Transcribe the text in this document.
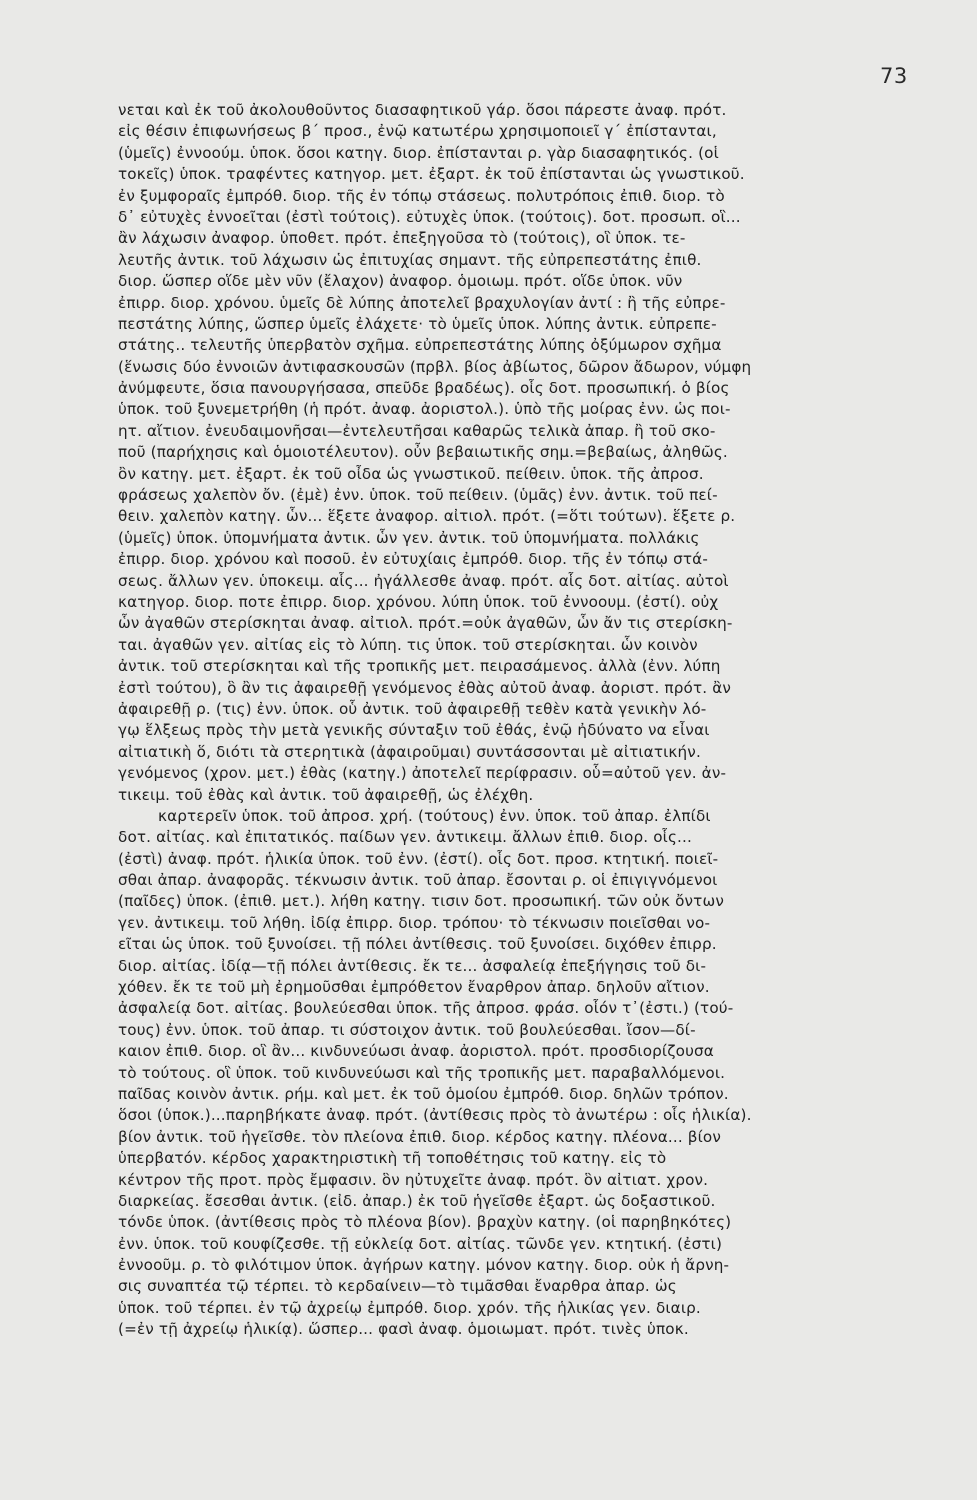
73
νεται καὶ ἐκ τοῦ ἀκολουθοῦντος διασαφητικοῦ γάρ. ὅσοι πάρεστε ἀναφ. πρότ.
εἰς θέσιν ἐπιφωνήσεως β΄ προσ., ἐνῷ κατωτέρω χρησιμοποιεῖ γ΄ ἐπίστανται,
(ὑμεῖς) ἐννοούμ. ὑποκ. ὅσοι κατηγ. διορ. ἐπίστανται ρ. γὰρ διασαφητικός. (οἱ
τοκεῖς) ὑποκ. τραφέντες κατηγορ. μετ. ἐξαρτ. ἐκ τοῦ ἐπίστανται ὡς γνωστικοῦ.
ἐν ξυμφοραῖς ἐμπρόθ. διορ. τῆς ἐν τόπῳ στάσεως. πολυτρόποις ἐπιθ. διορ. τὸ
δ᾽ εὐτυχὲς ἐννοεῖται (ἐστὶ τούτοις). εὐτυχὲς ὑποκ. (τούτοις). δοτ. προσωπ. οἳ...
ἂν λάχωσιν ἀναφορ. ὑποθετ. πρότ. ἐπεξηγοῦσα τὸ (τούτοις), οἳ ὑποκ. τε-
λευτῆς ἀντικ. τοῦ λάχωσιν ὡς ἐπιτυχίας σημαντ. τῆς εὐπρεπεστάτης ἐπιθ.
διορ. ὥσπερ οἵδε μὲν νῦν (ἔλαχον) ἀναφορ. ὁμοιωμ. πρότ. οἵδε ὑποκ. νῦν
ἐπιρρ. διορ. χρόνου. ὑμεῖς δὲ λύπης ἀποτελεῖ βραχυλογίαν ἀντί : ἢ τῆς εὐπρε-
πεστάτης λύπης, ὥσπερ ὑμεῖς ἐλάχετε· τὸ ὑμεῖς ὑποκ. λύπης ἀντικ. εὐπρεπε-
στάτης.. τελευτῆς ὑπερβατὸν σχῆμα. εὐπρεπεστάτης λύπης ὀξύμωρον σχῆμα
(ἕνωσις δύο ἐννοιῶν ἀντιφασκουσῶν (πρβλ. βίος ἀβίωτος, δῶρον ἄδωρον, νύμφη
ἀνύμφευτε, ὅσια πανουργήσασα, σπεῦδε βραδέως). οἷς δοτ. προσωπική. ὁ βίος
ὑποκ. τοῦ ξυνεμετρήθη (ἡ πρότ. ἀναφ. ἀοριστολ.). ὑπὸ τῆς μοίρας ἐνν. ὡς ποι-
ητ. αἴτιον. ἐνευδαιμονῆσαι—ἐντελευτῆσαι καθαρῶς τελικὰ ἀπαρ. ἢ τοῦ σκο-
ποῦ (παρήχησις καὶ ὁμοιοτέλευτον). οὖν βεβαιωτικῆς σημ.=βεβαίως, ἀληθῶς.
ὂν κατηγ. μετ. ἐξαρτ. ἐκ τοῦ οἶδα ὡς γνωστικοῦ. πείθειν. ὑποκ. τῆς ἀπροσ.
φράσεως χαλεπὸν ὄν. (ἐμὲ) ἐνν. ὑποκ. τοῦ πείθειν. (ὑμᾶς) ἐνν. ἀντικ. τοῦ πεί-
θειν. χαλεπὸν κατηγ. ὧν... ἕξετε ἀναφορ. αἰτιολ. πρότ. (=ὅτι τούτων). ἕξετε ρ.
(ὑμεῖς) ὑποκ. ὑπομνήματα ἀντικ. ὧν γεν. ἀντικ. τοῦ ὑπομνήματα. πολλάκις
ἐπιρρ. διορ. χρόνου καὶ ποσοῦ. ἐν εὐτυχίαις ἐμπρόθ. διορ. τῆς ἐν τόπῳ στά-
σεως. ἄλλων γεν. ὑποκειμ. αἷς... ἠγάλλεσθε ἀναφ. πρότ. αἷς δοτ. αἰτίας. αὐτοὶ
κατηγορ. διορ. ποτε ἐπιρρ. διορ. χρόνου. λύπη ὑποκ. τοῦ ἐννοουμ. (ἐστί). οὐχ
ὧν ἀγαθῶν στερίσκηται ἀναφ. αἰτιολ. πρότ.=οὐκ ἀγαθῶν, ὧν ἄν τις στερίσκη-
ται. ἀγαθῶν γεν. αἰτίας εἰς τὸ λύπη. τις ὑποκ. τοῦ στερίσκηται. ὧν κοινὸν
ἀντικ. τοῦ στερίσκηται καὶ τῆς τροπικῆς μετ. πειρασάμενος. ἀλλὰ (ἐνν. λύπη
ἐστὶ τούτου), ὃ ἂν τις ἀφαιρεθῇ γενόμενος ἐθὰς αὐτοῦ ἀναφ. ἀοριστ. πρότ. ἂν
ἀφαιρεθῇ ρ. (τις) ἐνν. ὑποκ. οὗ ἀντικ. τοῦ ἀφαιρεθῇ τεθὲν κατὰ γενικὴν λό-
γῳ ἕλξεως πρὸς τὴν μετὰ γενικῆς σύνταξιν τοῦ ἐθάς, ἐνῷ ἠδύνατο να εἶναι
αἰτιατικὴ ὅ, διότι τὰ στερητικὰ (ἀφαιροῦμαι) συντάσσονται μὲ αἰτιατικήν.
γενόμενος (χρον. μετ.) ἐθὰς (κατηγ.) ἀποτελεῖ περίφρασιν. οὗ=αὐτοῦ γεν. ἀν-
τικειμ. τοῦ ἐθὰς καὶ ἀντικ. τοῦ ἀφαιρεθῇ, ὡς ἐλέχθη.
καρτερεῖν ὑποκ. τοῦ ἀπροσ. χρή. (τούτους) ἐνν. ὑποκ. τοῦ ἀπαρ. ἐλπίδι
δοτ. αἰτίας. καὶ ἐπιτατικός. παίδων γεν. ἀντικειμ. ἄλλων ἐπιθ. διορ. οἷς...
(ἐστὶ) ἀναφ. πρότ. ἡλικία ὑποκ. τοῦ ἐνν. (ἐστί). οἷς δοτ. προσ. κτητική. ποιεῖ-
σθαι ἀπαρ. ἀναφορᾶς. τέκνωσιν ἀντικ. τοῦ ἀπαρ. ἔσονται ρ. οἱ ἐπιγιγνόμενοι
(παῖδες) ὑποκ. (ἐπιθ. μετ.). λήθη κατηγ. τισιν δοτ. προσωπική. τῶν οὐκ ὄντων
γεν. ἀντικειμ. τοῦ λήθη. ἰδίᾳ ἐπιρρ. διορ. τρόπου· τὸ τέκνωσιν ποιεῖσθαι νο-
εῖται ὡς ὑποκ. τοῦ ξυνοίσει. τῇ πόλει ἀντίθεσις. τοῦ ξυνοίσει. διχόθεν ἐπιρρ.
διορ. αἰτίας. ἰδίᾳ—τῇ πόλει ἀντίθεσις. ἔκ τε... ἀσφαλείᾳ ἐπεξήγησις τοῦ δι-
χόθεν. ἔκ τε τοῦ μὴ ἐρημοῦσθαι ἐμπρόθετον ἔναρθρον ἀπαρ. δηλοῦν αἴτιον.
ἀσφαλείᾳ δοτ. αἰτίας. βουλεύεσθαι ὑποκ. τῆς ἀπροσ. φράσ. οἷόν τ᾽(ἐστι.) (τού-
τους) ἐνν. ὑποκ. τοῦ ἀπαρ. τι σύστοιχον ἀντικ. τοῦ βουλεύεσθαι. ἴσον—δί-
καιον ἐπιθ. διορ. οἳ ἂν... κινδυνεύωσι ἀναφ. ἀοριστολ. πρότ. προσδιορίζουσα
τὸ τούτους. οἳ ὑποκ. τοῦ κινδυνεύωσι καὶ τῆς τροπικῆς μετ. παραβαλλόμενοι.
παῖδας κοινὸν ἀντικ. ρήμ. καὶ μετ. ἐκ τοῦ ὁμοίου ἐμπρόθ. διορ. δηλῶν τρόπον.
ὅσοι (ὑποκ.)...παρηβήκατε ἀναφ. πρότ. (ἀντίθεσις πρὸς τὸ ἀνωτέρω : οἷς ἡλικία).
βίον ἀντικ. τοῦ ἡγεῖσθε. τὸν πλείονα ἐπιθ. διορ. κέρδος κατηγ. πλέονα... βίον
ὑπερβατόν. κέρδος χαρακτηριστικὴ τῆ τοποθέτησις τοῦ κατηγ. εἰς τὸ
κέντρον τῆς προτ. πρὸς ἔμφασιν. ὃν ηὐτυχεῖτε ἀναφ. πρότ. ὃν αἰτιατ. χρον.
διαρκείας. ἔσεσθαι ἀντικ. (εἰδ. ἀπαρ.) ἐκ τοῦ ἡγεῖσθε ἐξαρτ. ὡς δοξαστικοῦ.
τόνδε ὑποκ. (ἀντίθεσις πρὸς τὸ πλέονα βίον). βραχὺν κατηγ. (οἱ παρηβηκότες)
ἐνν. ὑποκ. τοῦ κουφίζεσθε. τῇ εὐκλείᾳ δοτ. αἰτίας. τῶνδε γεν. κτητική. (ἐστι)
ἐννοοῦμ. ρ. τὸ φιλότιμον ὑποκ. ἀγήρων κατηγ. μόνον κατηγ. διορ. οὐκ ἡ ἄρνη-
σις συναπτέα τῷ τέρπει. τὸ κερδαίνειν—τὸ τιμᾶσθαι ἔναρθρα ἀπαρ. ὡς
ὑποκ. τοῦ τέρπει. ἐν τῷ ἀχρείῳ ἐμπρόθ. διορ. χρόν. τῆς ἡλικίας γεν. διαιρ.
(=ἐν τῇ ἀχρείῳ ἡλικίᾳ). ὥσπερ... φασὶ ἀναφ. ὁμοιωματ. πρότ. τινὲς ὑποκ.
